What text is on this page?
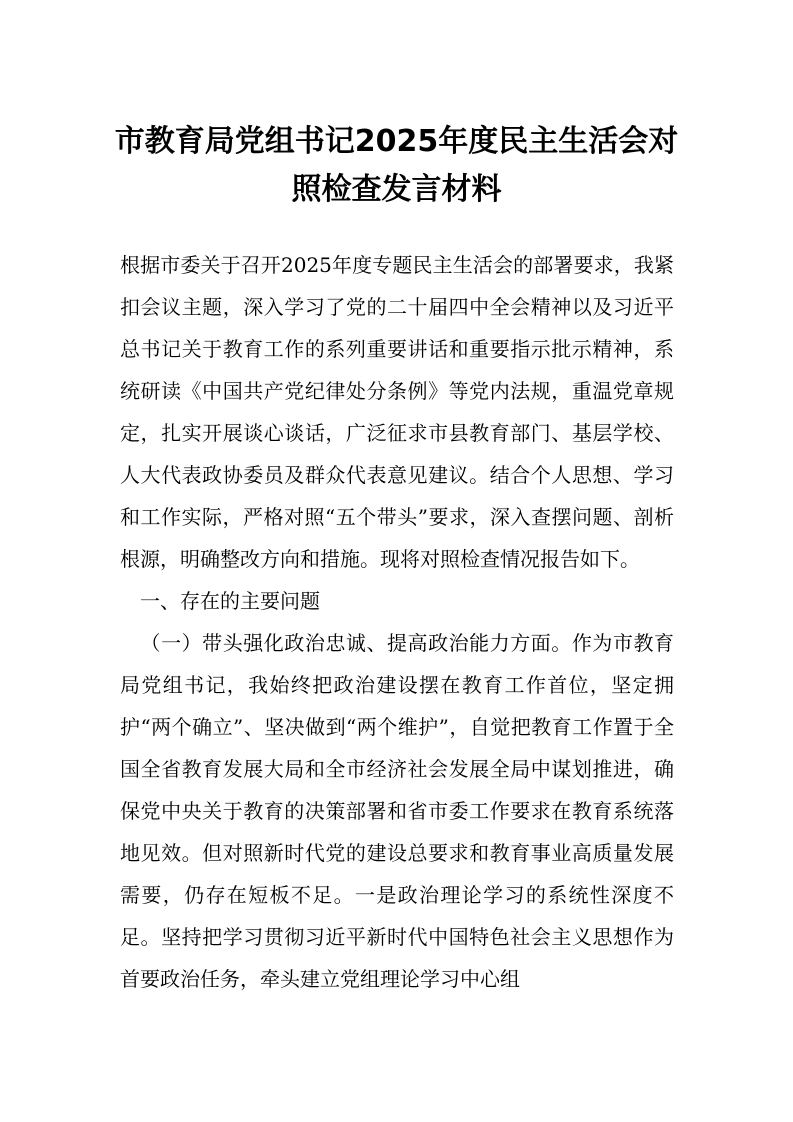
市教育局党组书记2025年度民主生活会对
照检查发言材料

根据市委关于召开2025年度专题民主生活会的部署要求，我紧扣会议主题，深入学习了党的二十届四中全会精神以及习近平总书记关于教育工作的系列重要讲话和重要指示批示精神，系统研读《中国共产党纪律处分条例》等党内法规，重温党章规定，扎实开展谈心谈话，广泛征求市县教育部门、基层学校、人大代表政协委员及群众代表意见建议。结合个人思想、学习和工作实际，严格对照“五个带头”要求，深入查摆问题、剖析根源，明确整改方向和措施。现将对照检查情况报告如下。

 一、存在的主要问题

 （一）带头强化政治忠诚、提高政治能力方面。作为市教育局党组书记，我始终把政治建设摆在教育工作首位，坚定拥护“两个确立”、坚决做到“两个维护”，自觉把教育工作置于全国全省教育发展大局和全市经济社会发展全局中谋划推进，确保党中央关于教育的决策部署和省市委工作要求在教育系统落地见效。但对照新时代党的建设总要求和教育事业高质量发展需要，仍存在短板不足。一是政治理论学习的系统性深度不足。坚持把学习贯彻习近平新时代中国特色社会主义思想作为首要政治任务，牵头建立党组理论学习中心组
